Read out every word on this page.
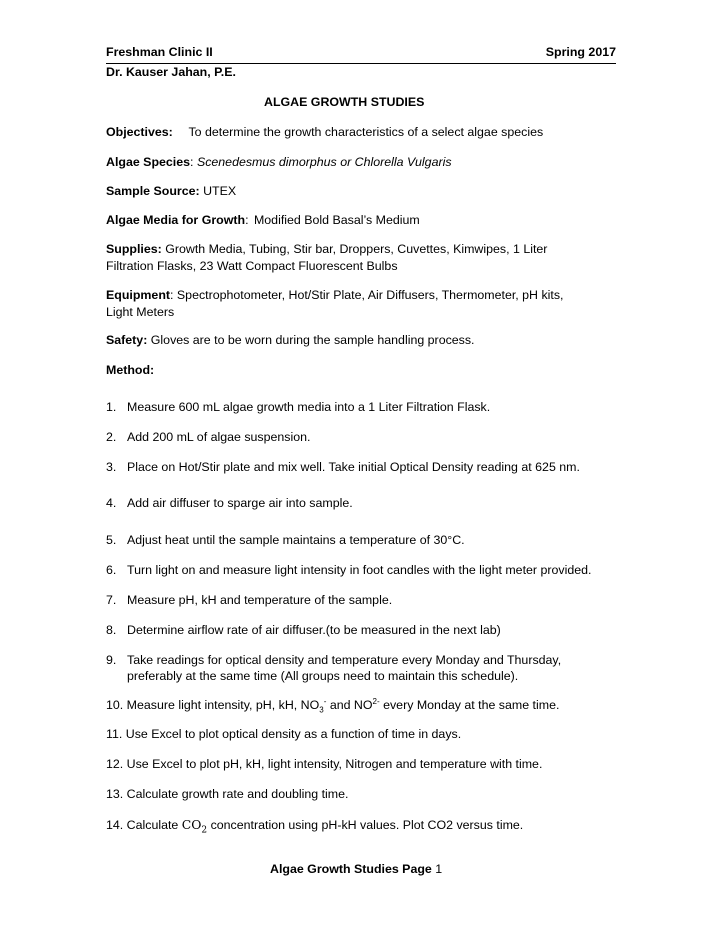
Freshman Clinic II	Spring 2017
Dr. Kauser Jahan, P.E.
ALGAE GROWTH STUDIES
Objectives: To determine the growth characteristics of a select algae species
Algae Species: Scenedesmus dimorphus or Chlorella Vulgaris
Sample Source: UTEX
Algae Media for Growth: Modified Bold Basal’s Medium
Supplies: Growth Media, Tubing, Stir bar, Droppers, Cuvettes, Kimwipes, 1 Liter
Filtration Flasks, 23 Watt Compact Fluorescent Bulbs
Equipment: Spectrophotometer, Hot/Stir Plate, Air Diffusers, Thermometer, pH kits,
Light Meters
Safety: Gloves are to be worn during the sample handling process.
Method:
1. Measure 600 mL algae growth media into a 1 Liter Filtration Flask.
2. Add 200 mL of algae suspension.
3. Place on Hot/Stir plate and mix well. Take initial Optical Density reading at 625 nm.
4. Add air diffuser to sparge air into sample.
5. Adjust heat until the sample maintains a temperature of 30°C.
6. Turn light on and measure light intensity in foot candles with the light meter provided.
7. Measure pH, kH and temperature of the sample.
8. Determine airflow rate of air diffuser.(to be measured in the next lab)
9. Take readings for optical density and temperature every Monday and Thursday,
preferably at the same time (All groups need to maintain this schedule).
10. Measure light intensity, pH, kH, $NO_3^-$ and $NO^{2-}$ every Monday at the same time.
11. Use Excel to plot optical density as a function of time in days.
12. Use Excel to plot pH, kH, light intensity, Nitrogen and temperature with time.
13. Calculate growth rate and doubling time.
14. Calculate $CO_2$ concentration using pH-kH values. Plot CO2 versus time.
Algae Growth Studies Page 1
